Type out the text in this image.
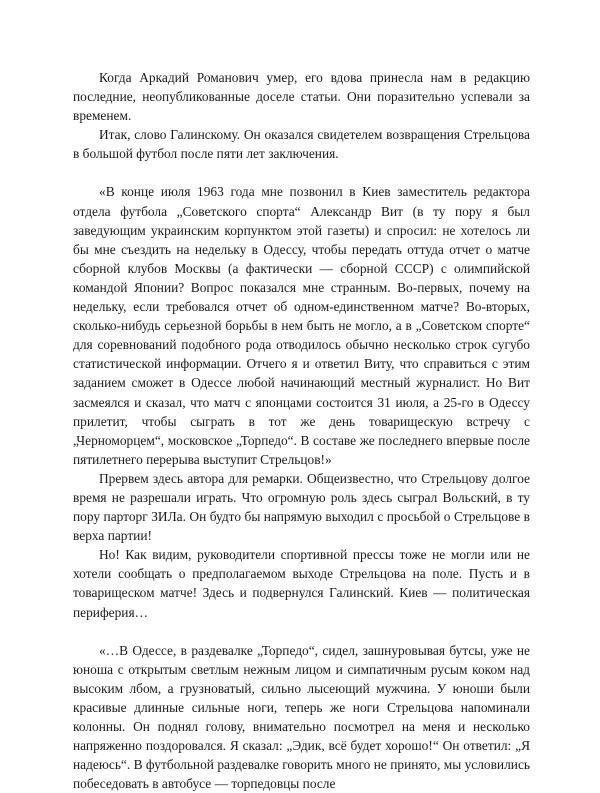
Когда Аркадий Романович умер, его вдова принесла нам в редакцию последние, неопубликованные доселе статьи. Они поразительно успевали за временем.

Итак, слово Галинскому. Он оказался свидетелем возвращения Стрельцова в большой футбол после пяти лет заключения.

«В конце июля 1963 года мне позвонил в Киев заместитель редактора отдела футбола „Советского спорта“ Александр Вит (в ту пору я был заведующим украинским корпунктом этой газеты) и спросил: не хотелось ли бы мне съездить на недельку в Одессу, чтобы передать оттуда отчет о матче сборной клубов Москвы (а фактически — сборной СССР) с олимпийской командой Японии? Вопрос показался мне странным. Во-первых, почему на недельку, если требовался отчет об одном-единственном матче? Во-вторых, сколько-нибудь серьезной борьбы в нем быть не могло, а в „Советском спорте“ для соревнований подобного рода отводилось обычно несколько строк сугубо статистической информации. Отчего я и ответил Виту, что справиться с этим заданием сможет в Одессе любой начинающий местный журналист. Но Вит засмеялся и сказал, что матч с японцами состоится 31 июля, а 25-го в Одессу прилетит, чтобы сыграть в тот же день товарищескую встречу с „Черноморцем“, московское „Торпедо“. В составе же последнего впервые после пятилетнего перерыва выступит Стрельцов!»

Прервем здесь автора для ремарки. Общеизвестно, что Стрельцову долгое время не разрешали играть. Что огромную роль здесь сыграл Вольский, в ту пору парторг ЗИЛа. Он будто бы напрямую выходил с просьбой о Стрельцове в верха партии!

Но! Как видим, руководители спортивной прессы тоже не могли или не хотели сообщать о предполагаемом выходе Стрельцова на поле. Пусть и в товарищеском матче! Здесь и подвернулся Галинский. Киев — политическая периферия…

«…В Одессе, в раздевалке „Торпедо“, сидел, зашнуровывая бутсы, уже не юноша с открытым светлым нежным лицом и симпатичным русым коком над высоким лбом, а грузноватый, сильно лысеющий мужчина. У юноши были красивые длинные сильные ноги, теперь же ноги Стрельцова напоминали колонны. Он поднял голову, внимательно посмотрел на меня и несколько напряженно поздоровался. Я сказал: „Эдик, всё будет хорошо!“ Он ответил: „Я надеюсь“. В футбольной раздевалке говорить много не принято, мы условились побеседовать в автобусе — торпедовцы после
